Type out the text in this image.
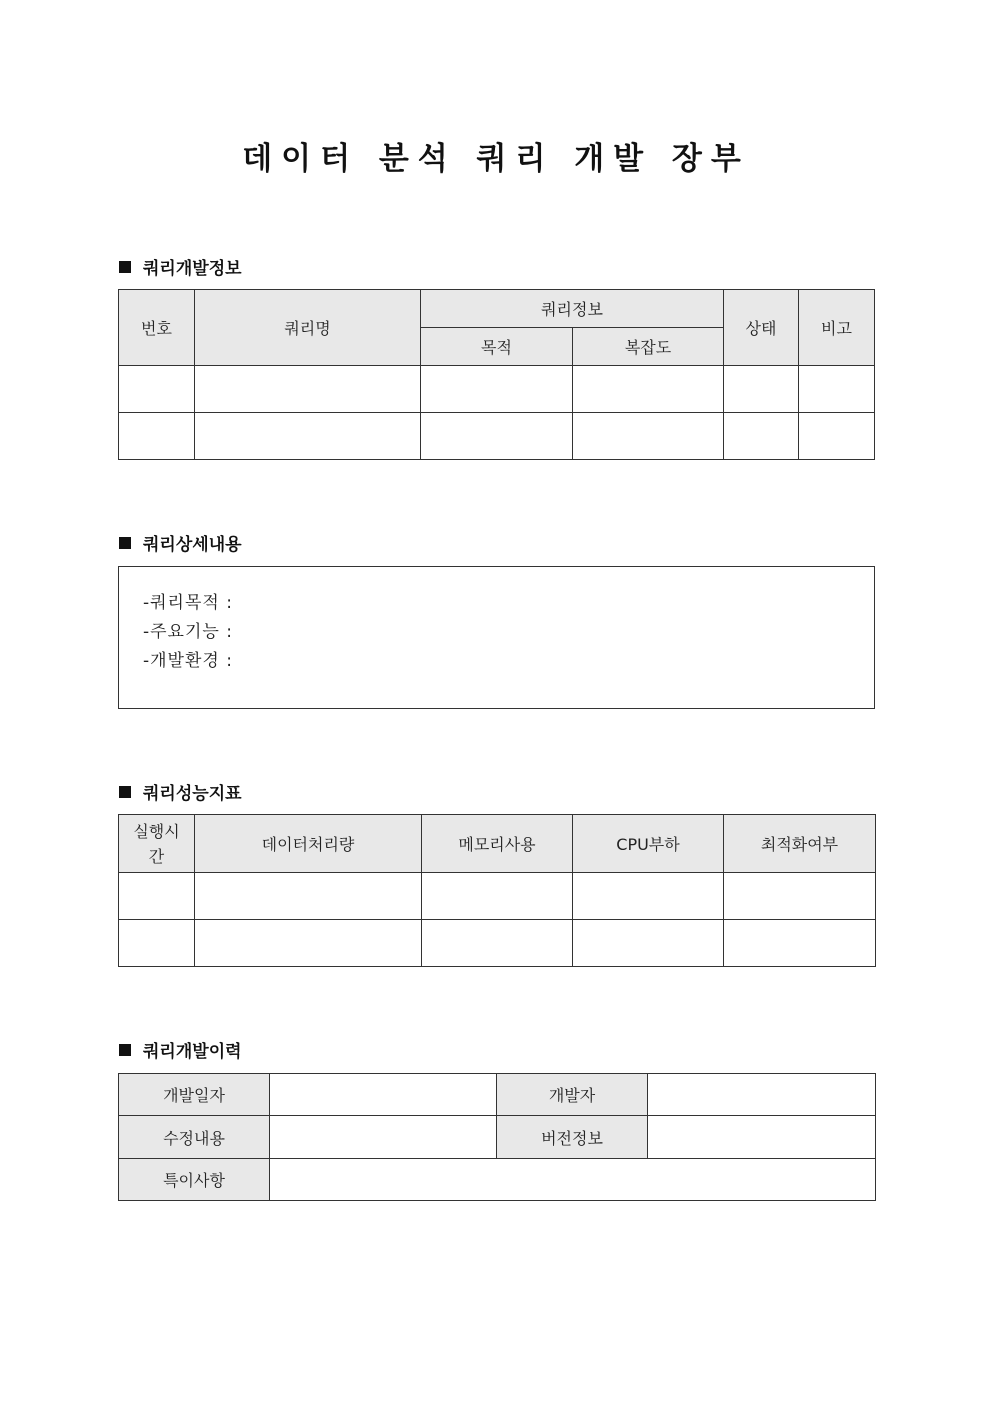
데이터 분석 쿼리 개발 장부
쿼리개발정보
번호	쿼리명	쿼리정보		상태	비고
		목적	복잡도		

쿼리상세내용
-쿼리목적 :
-주요기능 :
-개발환경 :
쿼리성능지표
실행시간	데이터처리량	메모리사용	CPU부하	최적화여부

쿼리개발이력
개발일자		개발자	
수정내용		버전정보	
특이사항			
